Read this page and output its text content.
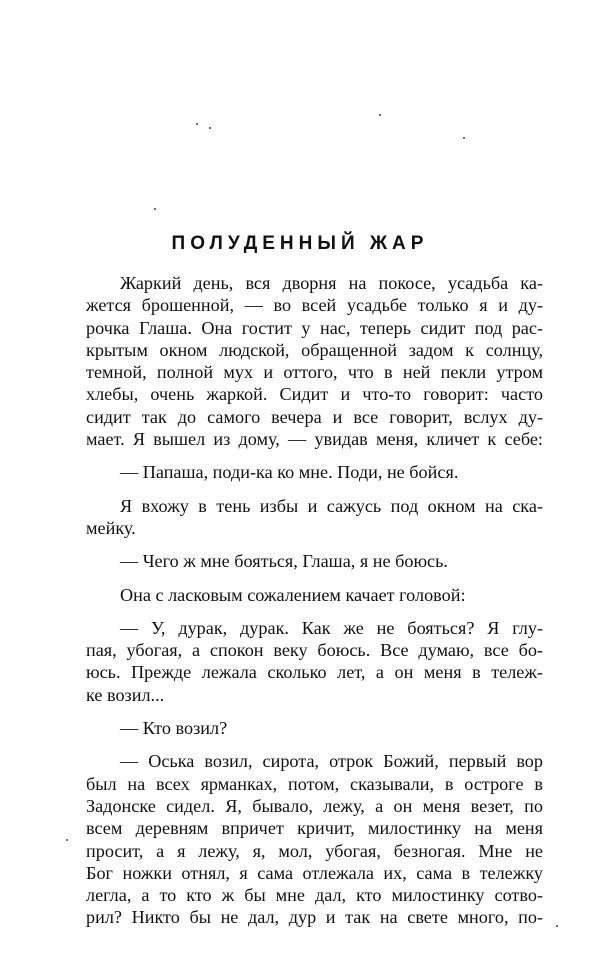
ПОЛУДЕННЫЙ ЖАР

Жаркий день, вся дворня на покосе, усадьба ка-
жется брошенной, — во всей усадьбе только я и ду-
рочка Глаша. Она гостит у нас, теперь сидит под рас-
крытым окном людской, обращенной задом к солнцу,
темной, полной мух и оттого, что в ней пекли утром
хлебы, очень жаркой. Сидит и что-то говорит: часто
сидит так до самого вечера и все говорит, вслух ду-
мает. Я вышел из дому, — увидав меня, кличет к себе:

— Папаша, поди-ка ко мне. Поди, не бойся.

Я вхожу в тень избы и сажусь под окном на ска-
мейку.

— Чего ж мне бояться, Глаша, я не боюсь.

Она с ласковым сожалением качает головой:

— У, дурак, дурак. Как же не бояться? Я глу-
пая, убогая, а спокон веку боюсь. Все думаю, все бо-
юсь. Прежде лежала сколько лет, а он меня в тележ-
ке возил...

— Кто возил?

— Оська возил, сирота, отрок Божий, первый вор
был на всех ярманках, потом, сказывали, в остроге в
Задонске сидел. Я, бывало, лежу, а он меня везет, по
всем деревням впричет кричит, милостинку на меня
просит, а я лежу, я, мол, убогая, безногая. Мне не
Бог ножки отнял, я сама отлежала их, сама в тележку
легла, а то кто ж бы мне дал, кто милостинку сотво-
рил? Никто бы не дал, дур и так на свете много, по-
